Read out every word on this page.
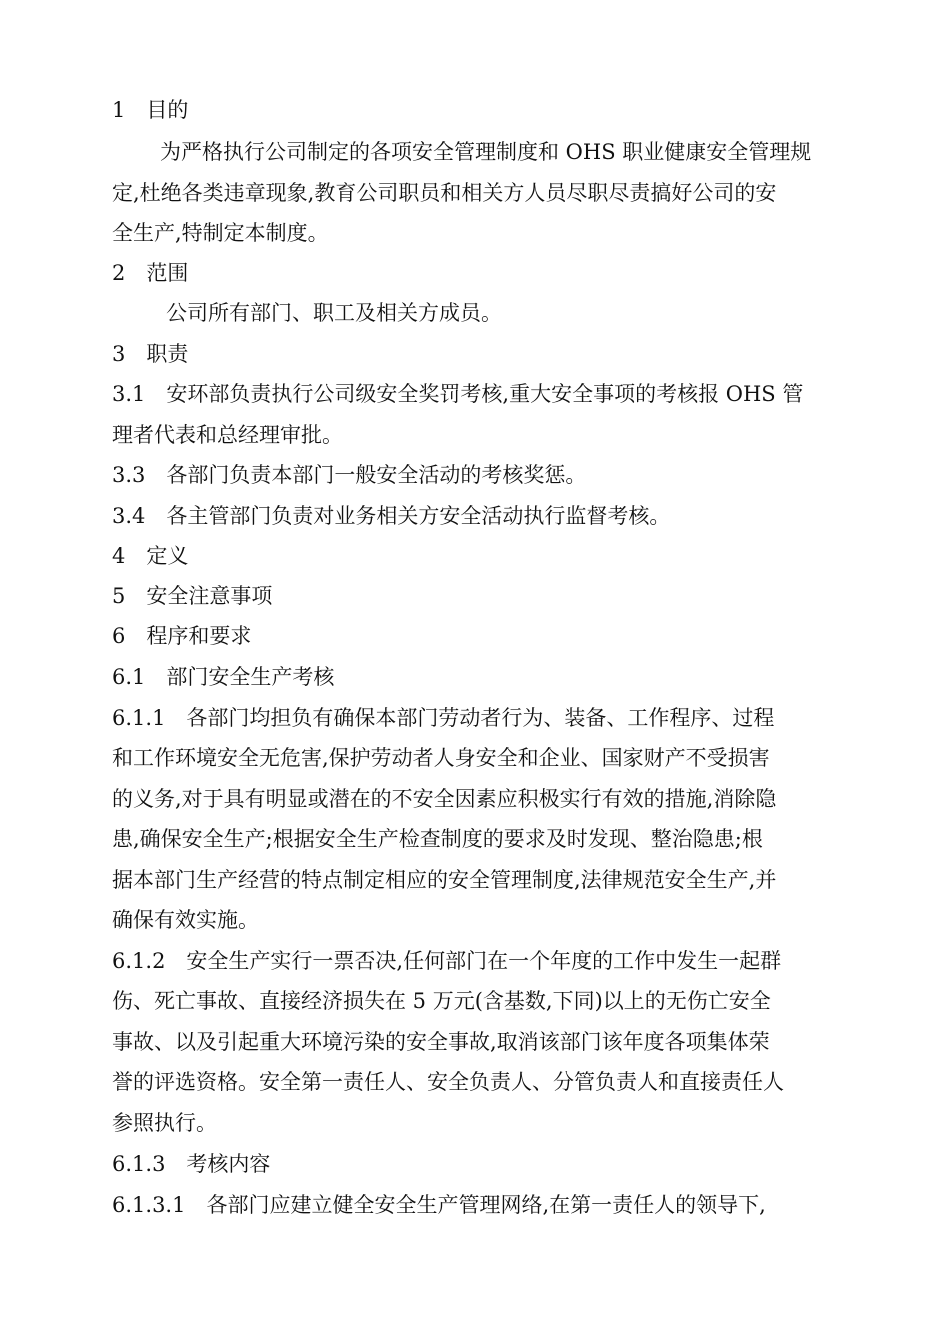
1　目的
为严格执行公司制定的各项安全管理制度和 OHS 职业健康安全管理规
定,杜绝各类违章现象,教育公司职员和相关方人员尽职尽责搞好公司的安
全生产,特制定本制度。
2　范围
公司所有部门、职工及相关方成员。
3　职责
3.1　安环部负责执行公司级安全奖罚考核,重大安全事项的考核报 OHS 管
理者代表和总经理审批。
3.3　各部门负责本部门一般安全活动的考核奖惩。
3.4　各主管部门负责对业务相关方安全活动执行监督考核。
4　定义
5　安全注意事项
6　程序和要求
6.1　部门安全生产考核
6.1.1　各部门均担负有确保本部门劳动者行为、装备、工作程序、过程
和工作环境安全无危害,保护劳动者人身安全和企业、国家财产不受损害
的义务,对于具有明显或潜在的不安全因素应积极实行有效的措施,消除隐
患,确保安全生产;根据安全生产检查制度的要求及时发现、整治隐患;根
据本部门生产经营的特点制定相应的安全管理制度,法律规范安全生产,并
确保有效实施。
6.1.2　安全生产实行一票否决,任何部门在一个年度的工作中发生一起群
伤、死亡事故、直接经济损失在 5 万元(含基数,下同)以上的无伤亡安全
事故、以及引起重大环境污染的安全事故,取消该部门该年度各项集体荣
誉的评选资格。安全第一责任人、安全负责人、分管负责人和直接责任人
参照执行。
6.1.3　考核内容
6.1.3.1　各部门应建立健全安全生产管理网络,在第一责任人的领导下,
